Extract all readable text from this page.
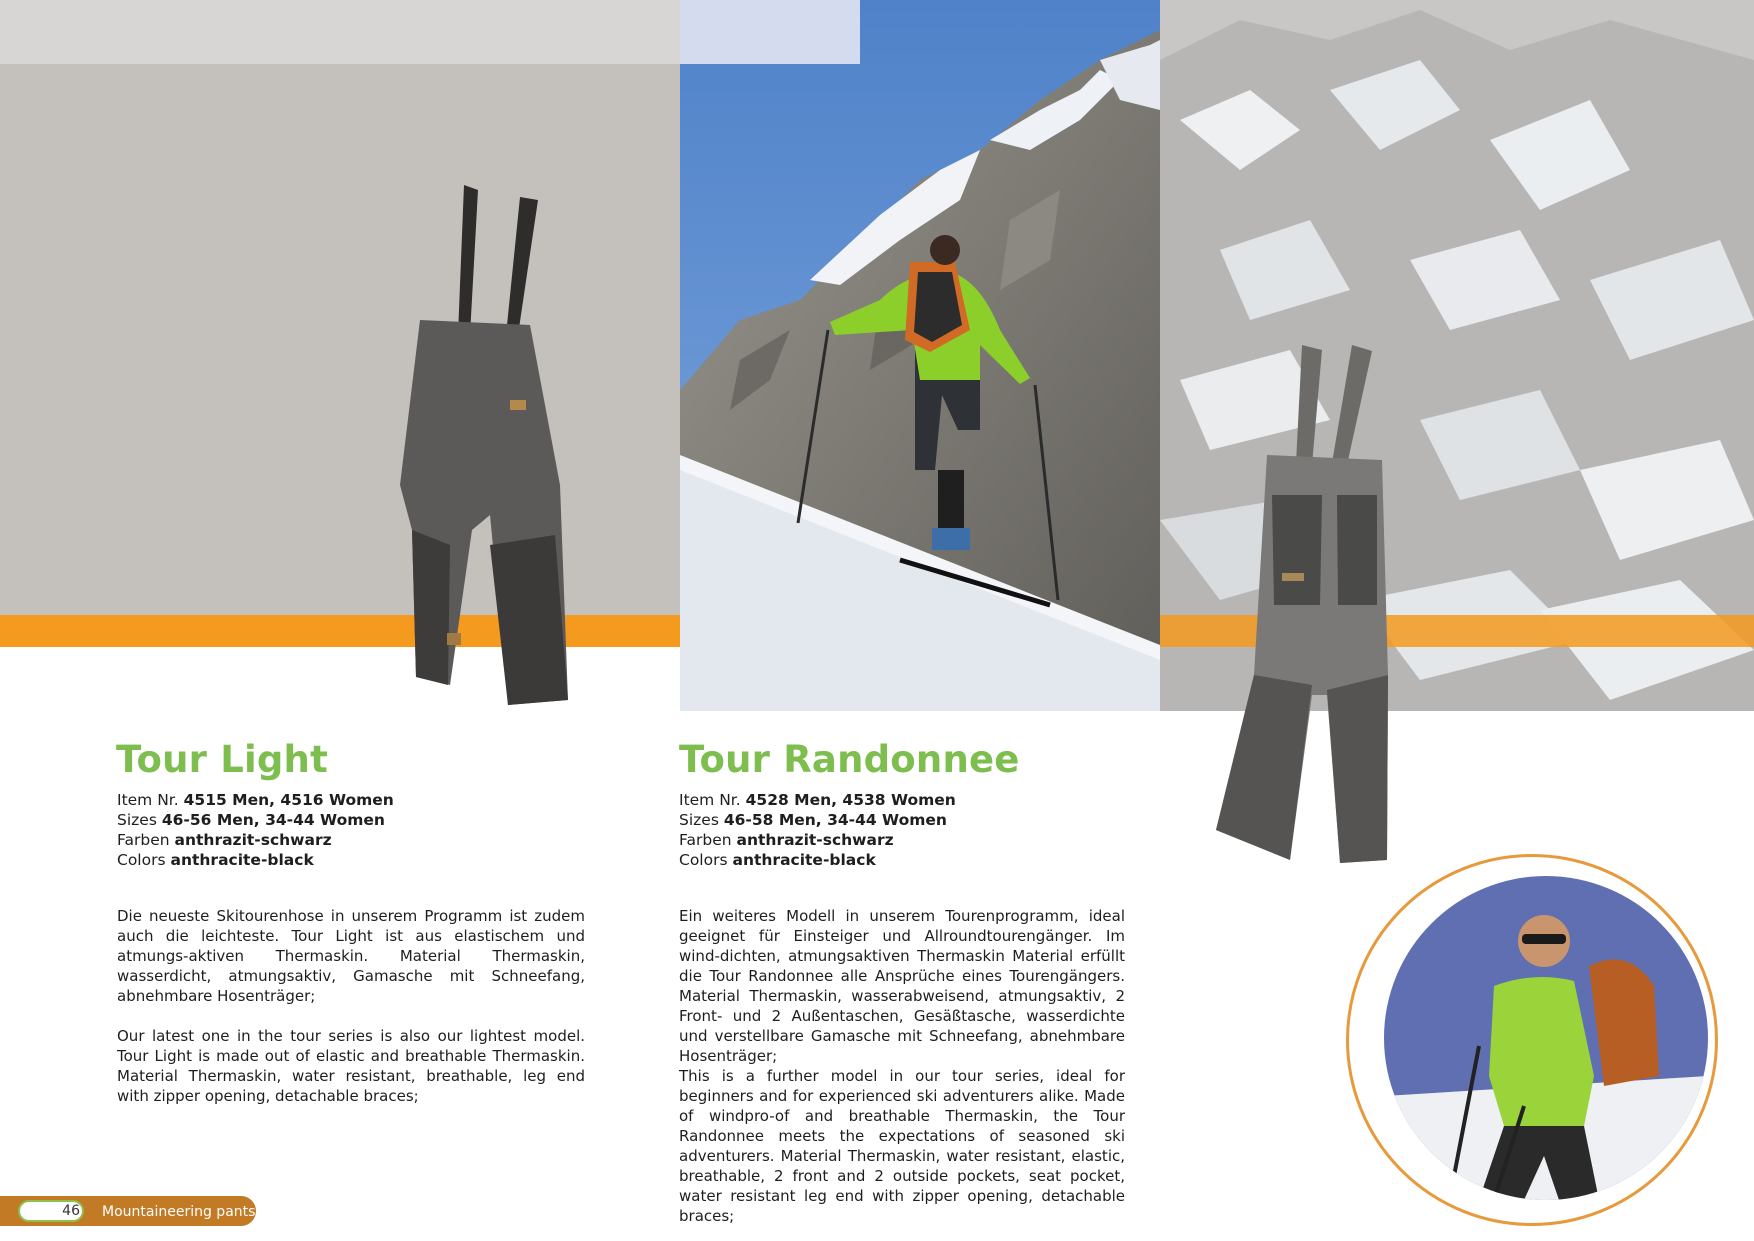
Tour Light	Tour Randonnee
Item Nr. 4515 Men, 4516 Women
Sizes 46-56 Men, 34-44 Women
Farben anthrazit-schwarz
Colors anthracite-black
Item Nr. 4528 Men, 4538 Women
Sizes 46-58 Men, 34-44 Women
Farben anthrazit-schwarz
Colors anthracite-black
Die neueste Skitourenhose in unserem Programm ist zudem auch die leichteste. Tour Light ist aus elastischem und atmungs-aktiven Thermaskin. Material Thermaskin, wasserdicht, atmungsaktiv, Gamasche mit Schneefang, abnehmbare Hosenträger;
Our latest one in the tour series is also our lightest model. Tour Light is made out of elastic and breathable Thermaskin. Material Thermaskin, water resistant, breathable, leg end with zipper opening, detachable braces;
Ein weiteres Modell in unserem Tourenprogramm, ideal geeignet für Einsteiger und Allroundtourengänger. Im wind-dichten, atmungsaktiven Thermaskin Material erfüllt die Tour Randonnee alle Ansprüche eines Tourengängers. Material Thermaskin, wasserabweisend, atmungsaktiv, 2 Front- und 2 Außentaschen, Gesäßtasche, wasserdichte und verstellbare Gamasche mit Schneefang, abnehmbare Hosenträger;
This is a further model in our tour series, ideal for beginners and for experienced ski adventurers alike. Made of windpro-of and breathable Thermaskin, the Tour Randonnee meets the expectations of seasoned ski adventurers. Material Thermaskin, water resistant, elastic, breathable, 2 front and 2 outside pockets, seat pocket, water resistant leg end with zipper opening, detachable braces;
46 Mountaineering pants
